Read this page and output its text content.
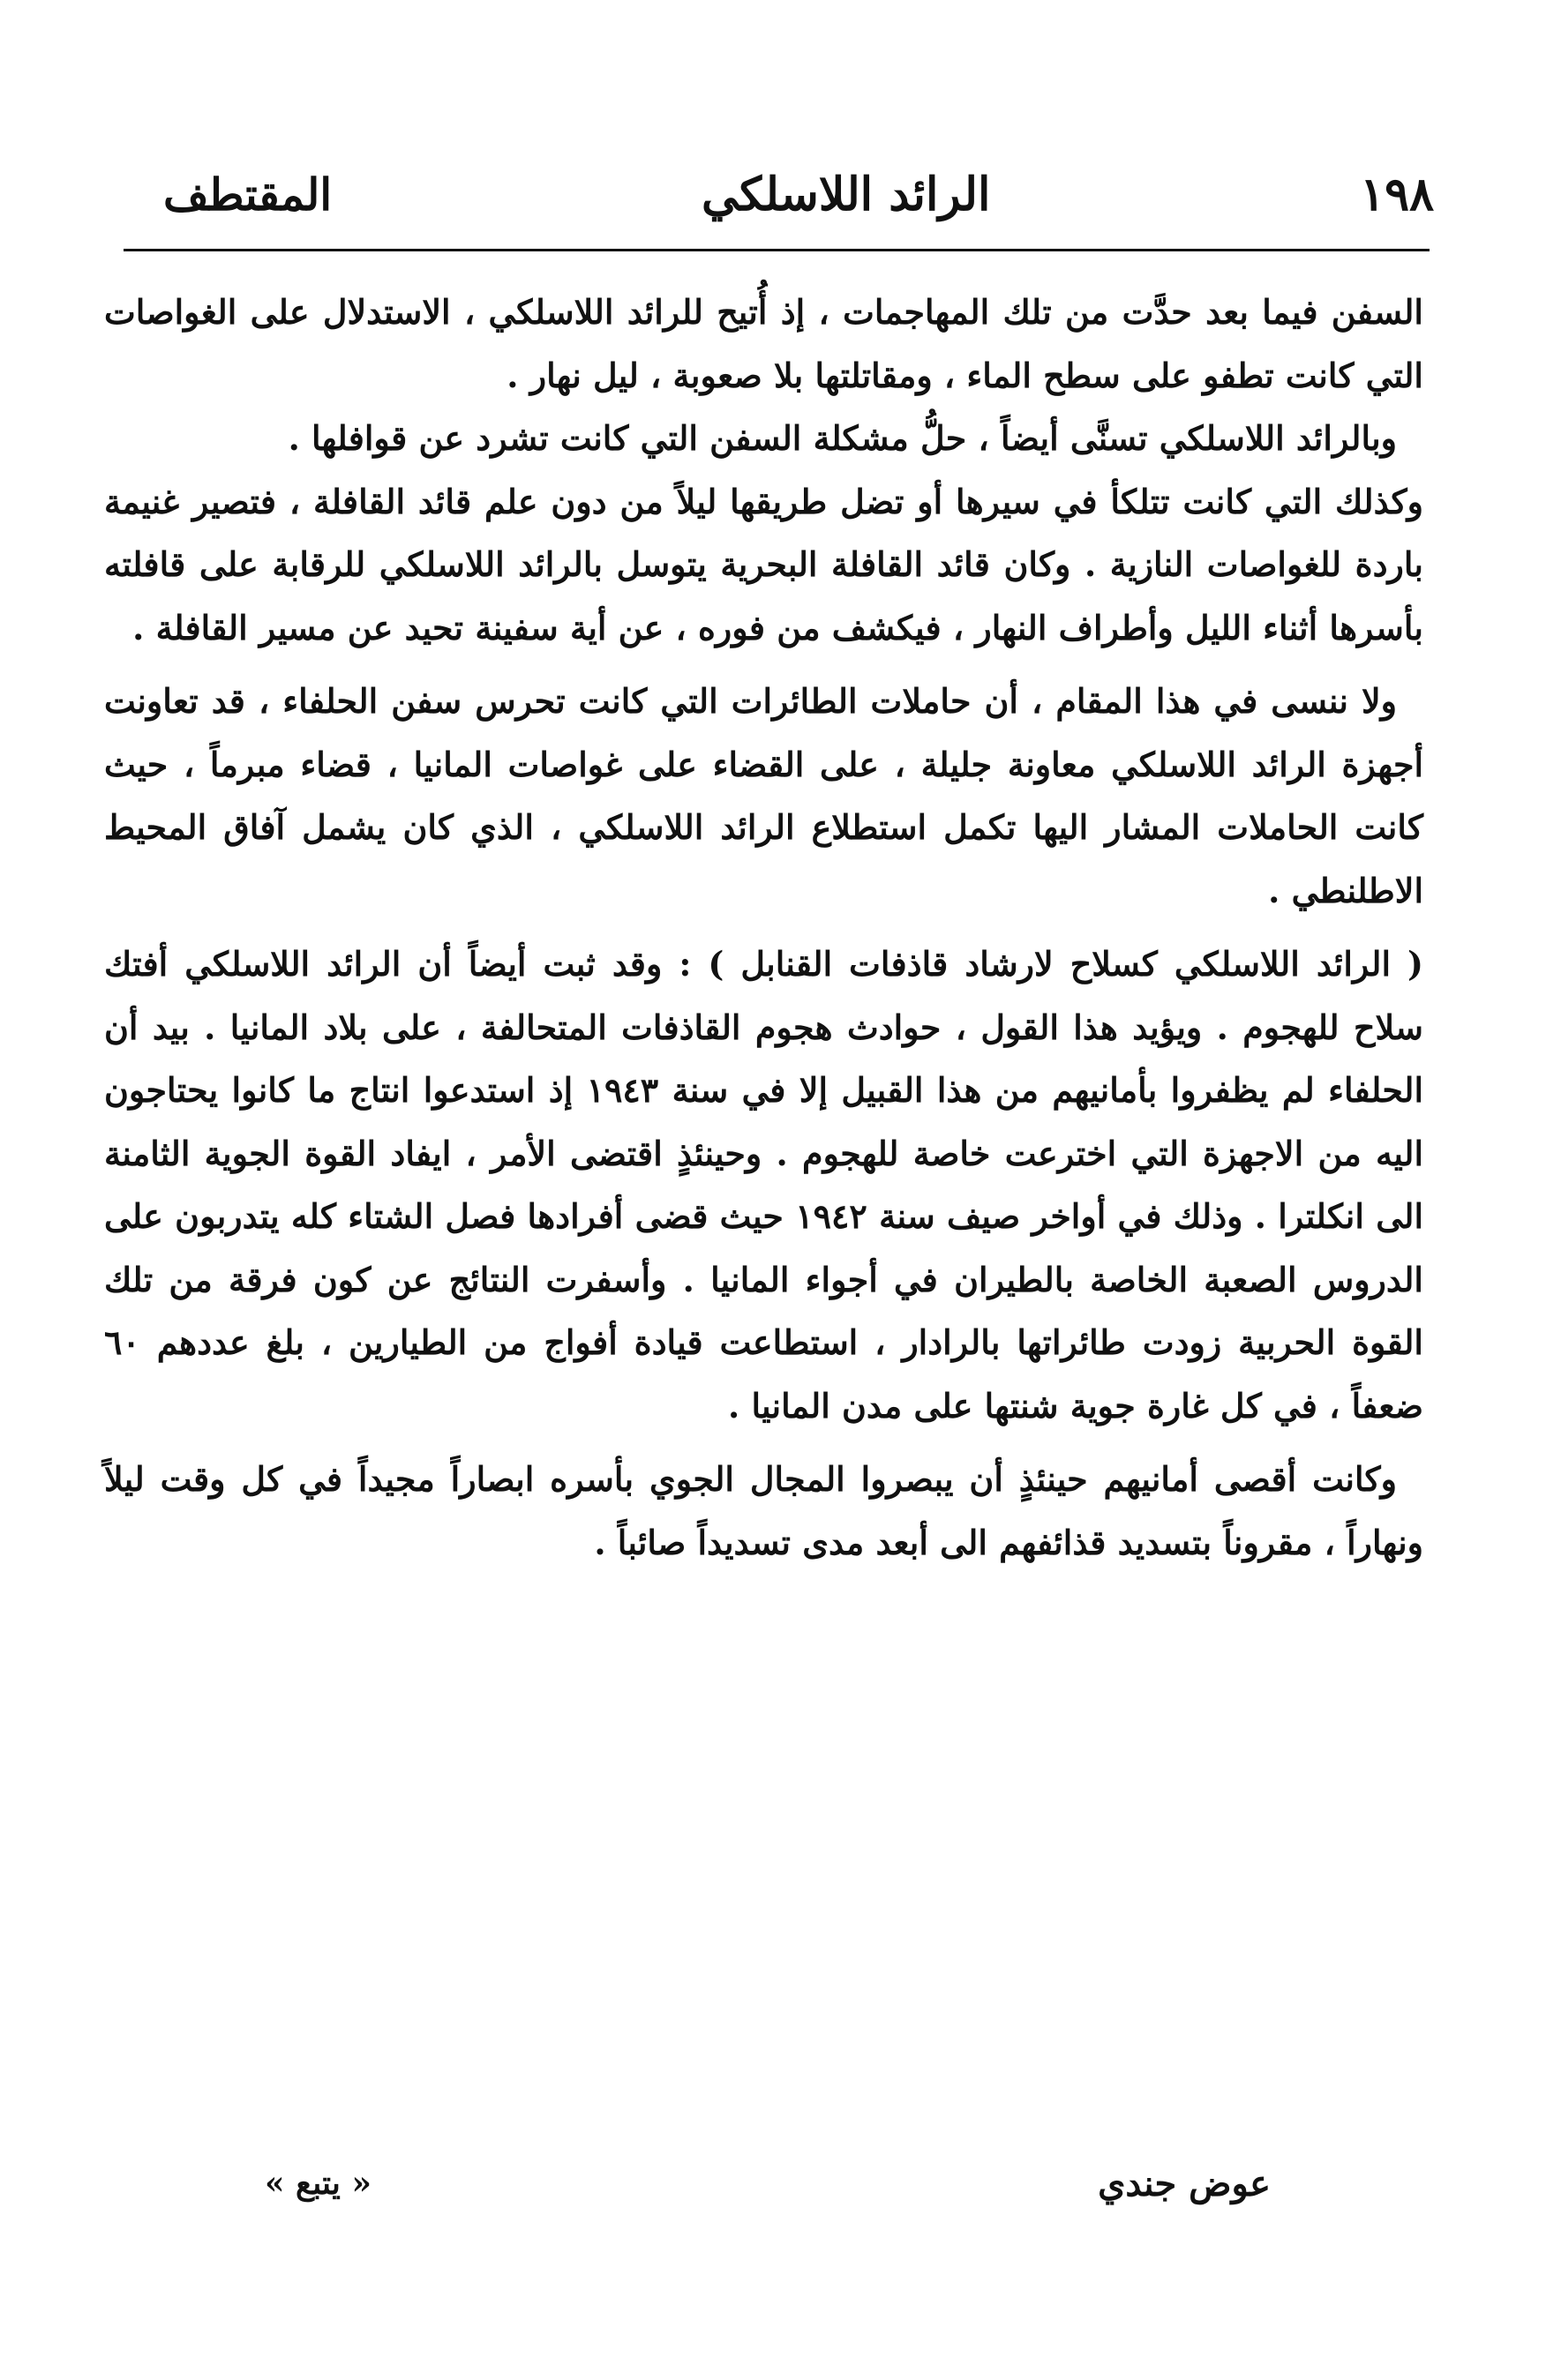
١٩٨
الرائد اللاسلكي
المقتطف

السفن فيما بعد حدَّت من تلك المهاجمات ، إذ أُتيح للرائد اللاسلكي ، الاستدلال على الغواصات التي كانت تطفو على سطح الماء ، ومقاتلتها بلا صعوبة ، ليل نهار .

وبالرائد اللاسلكي تسنَّى أيضاً ، حلُّ مشكلة السفن التي كانت تشرد عن قوافلها .

وكذلك التي كانت تتلكأ في سيرها أو تضل طريقها ليلاً من دون علم قائد القافلة ، فتصير غنيمة باردة للغواصات النازية . وكان قائد القافلة البحرية يتوسل بالرائد اللاسلكي للرقابة على قافلته بأسرها أثناء الليل وأطراف النهار ، فيكشف من فوره ، عن أية سفينة تحيد عن مسير القافلة .

ولا ننسى في هذا المقام ، أن حاملات الطائرات التي كانت تحرس سفن الحلفاء ، قد تعاونت أجهزة الرائد اللاسلكي معاونة جليلة ، على القضاء على غواصات المانيا ، قضاء مبرماً ، حيث كانت الحاملات المشار اليها تكمل استطلاع الرائد اللاسلكي ، الذي كان يشمل آفاق المحيط الاطلنطي .

( الرائد اللاسلكي كسلاح لارشاد قاذفات القنابل ) : وقد ثبت أيضاً أن الرائد اللاسلكي أفتك سلاح للهجوم . ويؤيد هذا القول ، حوادث هجوم القاذفات المتحالفة ، على بلاد المانيا . بيد أن الحلفاء لم يظفروا بأمانيهم من هذا القبيل إلا في سنة ١٩٤٣ إذ استدعوا انتاج ما كانوا يحتاجون اليه من الاجهزة التي اخترعت خاصة للهجوم . وحينئذٍ اقتضى الأمر ، ايفاد القوة الجوية الثامنة الى انكلترا . وذلك في أواخر صيف سنة ١٩٤٢ حيث قضى أفرادها فصل الشتاء كله يتدربون على الدروس الصعبة الخاصة بالطيران في أجواء المانيا . وأسفرت النتائج عن كون فرقة من تلك القوة الحربية زودت طائراتها بالرادار ، استطاعت قيادة أفواج من الطيارين ، بلغ عددهم ٦٠ ضعفاً ، في كل غارة جوية شنتها على مدن المانيا .

وكانت أقصى أمانيهم حينئذٍ أن يبصروا المجال الجوي بأسره ابصاراً مجيداً في كل وقت ليلاً ونهاراً ، مقروناً بتسديد قذائفهم الى أبعد مدى تسديداً صائباً .

عوض جندي
« يتبع »
